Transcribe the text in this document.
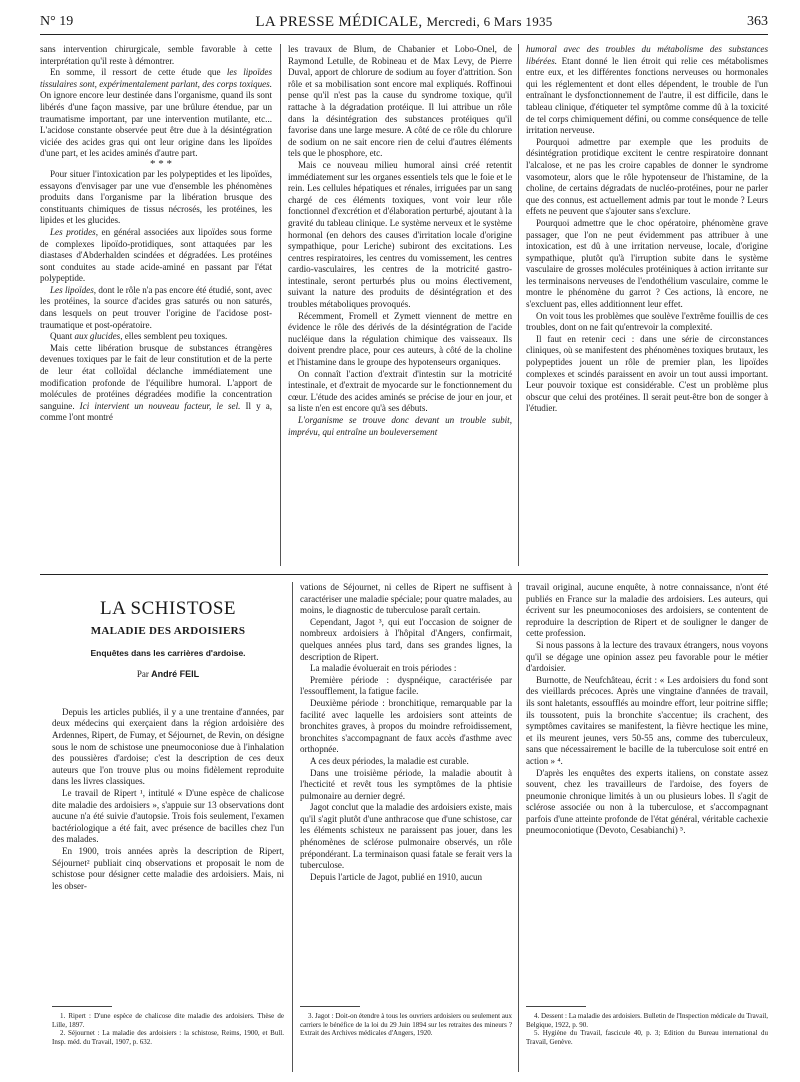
N° 19	LA PRESSE MÉDICALE, Mercredi, 6 Mars 1935	363

sans intervention chirurgicale, semble favorable à cette interprétation qu'il reste à démontrer.

En somme, il ressort de cette étude que les lipoïdes tissulaires sont, expérimentalement parlant, des corps toxiques. On ignore encore leur destinée dans l'organisme, quand ils sont libérés d'une façon massive, par une brûlure étendue, par un traumatisme important, par une intervention mutilante, etc... L'acidose constante observée peut être due à la désintégration viciée des acides gras qui ont leur origine dans les lipoïdes d'une part, et les acides aminés d'autre part.

* * *

Pour situer l'intoxication par les polypeptides et les lipoïdes, essayons d'envisager par une vue d'ensemble les phénomènes produits dans l'organisme par la libération brusque des constituants chimiques de tissus nécrosés, les protéines, les lipides et les glucides.

Les protides, en général associées aux lipoïdes sous forme de complexes lipoïdo-protidiques, sont attaquées par les diastases d'Abderhalden scindées et dégradées. Les protéines sont conduites au stade acide-aminé en passant par l'état polypeptide.

Les lipoïdes, dont le rôle n'a pas encore été étudié, sont, avec les protéines, la source d'acides gras saturés ou non saturés, dans lesquels on peut trouver l'origine de l'acidose post-traumatique et post-opératoire.

Quant aux glucides, elles semblent peu toxiques.

Mais cette libération brusque de substances étrangères devenues toxiques par le fait de leur constitution et de la perte de leur état colloïdal déclanche immédiatement une modification profonde de l'équilibre humoral. L'apport de molécules de protéines dégradées modifie la concentration sanguine. Ici intervient un nouveau facteur, le sel. Il y a, comme l'ont montré

les travaux de Blum, de Chabanier et Lobo-Onel, de Raymond Letulle, de Robineau et de Max Levy, de Pierre Duval, apport de chlorure de sodium au foyer d'attrition. Son rôle et sa mobilisation sont encore mal expliqués. Roffinoui pense qu'il n'est pas la cause du syndrome toxique, qu'il rattache à la dégradation protéique. Il lui attribue un rôle dans la désintégration des substances protéiques qu'il favorise dans une large mesure. A côté de ce rôle du chlorure de sodium on ne sait encore rien de celui d'autres éléments tels que le phosphore, etc.

Mais ce nouveau milieu humoral ainsi créé retentit immédiatement sur les organes essentiels tels que le foie et le rein. Les cellules hépatiques et rénales, irriguées par un sang chargé de ces éléments toxiques, vont voir leur rôle fonctionnel d'excrétion et d'élaboration perturbé, ajoutant à la gravité du tableau clinique. Le système nerveux et le système hormonal (en dehors des causes d'irritation locale d'origine sympathique, pour Leriche) subiront des excitations. Les centres respiratoires, les centres du vomissement, les centres cardio-vasculaires, les centres de la motricité gastro-intestinale, seront perturbés plus ou moins électivement, suivant la nature des produits de désintégration et des troubles métaboliques provoqués.

Récemment, Fromell et Zymett viennent de mettre en évidence le rôle des dérivés de la désintégration de l'acide nucléique dans la régulation chimique des vaisseaux. Ils doivent prendre place, pour ces auteurs, à côté de la choline et l'histamine dans le groupe des hypotenseurs organiques.

On connaît l'action d'extrait d'intestin sur la motricité intestinale, et d'extrait de myocarde sur le fonctionnement du cœur. L'étude des acides aminés se précise de jour en jour, et sa liste n'en est encore qu'à ses débuts.

L'organisme se trouve donc devant un trouble subit, imprévu, qui entraîne un bouleversement

humoral avec des troubles du métabolisme des substances libérées. Etant donné le lien étroit qui relie ces métabolismes entre eux, et les différentes fonctions nerveuses ou hormonales qui les réglementent et dont elles dépendent, le trouble de l'un entraînant le dysfonctionnement de l'autre, il est difficile, dans le tableau clinique, d'étiqueter tel symptôme comme dû à la toxicité de tel corps chimiquement défini, ou comme conséquence de telle irritation nerveuse.

Pourquoi admettre par exemple que les produits de désintégration protidique excitent le centre respiratoire donnant l'alcalose, et ne pas les croire capables de donner le syndrome vasomoteur, alors que le rôle hypotenseur de l'histamine, de la choline, de certains dégradats de nucléo-protéines, pour ne parler que des connus, est actuellement admis par tout le monde ? Leurs effets ne peuvent que s'ajouter sans s'exclure.

Pourquoi admettre que le choc opératoire, phénomène grave passager, que l'on ne peut évidemment pas attribuer à une intoxication, est dû à une irritation nerveuse, locale, d'origine sympathique, plutôt qu'à l'irruption subite dans le système vasculaire de grosses molécules protéiniques à action irritante sur les terminaisons nerveuses de l'endothélium vasculaire, comme le montre le phénomène du garrot ? Ces actions, là encore, ne s'excluent pas, elles additionnent leur effet.

On voit tous les problèmes que soulève l'extrême fouillis de ces troubles, dont on ne fait qu'entrevoir la complexité.

Il faut en retenir ceci : dans une série de circonstances cliniques, où se manifestent des phénomènes toxiques brutaux, les polypeptides jouent un rôle de premier plan, les lipoïdes complexes et scindés paraissent en avoir un tout aussi important. Leur pouvoir toxique est considérable. C'est un problème plus obscur que celui des protéines. Il serait peut-être bon de songer à l'étudier.

LA SCHISTOSE
MALADIE DES ARDOISIERS
Enquêtes dans les carrières d'ardoise.
Par André FEIL

Depuis les articles publiés, il y a une trentaine d'années, par deux médecins qui exerçaient dans la région ardoisière des Ardennes, Ripert, de Fumay, et Séjournet, de Revin, on désigne sous le nom de schistose une pneumoconiose due à l'inhalation des poussières d'ardoise; c'est la description de ces deux auteurs que l'on trouve plus ou moins fidèlement reproduite dans les livres classiques.

Le travail de Ripert ¹, intitulé « D'une espèce de chalicose dite maladie des ardoisiers », s'appuie sur 13 observations dont aucune n'a été suivie d'autopsie. Trois fois seulement, l'examen bactériologique a été fait, avec présence de bacilles chez l'un des malades.

En 1900, trois années après la description de Ripert, Séjournet² publiait cinq observations et proposait le nom de schistose pour désigner cette maladie des ardoisiers. Mais, ni les obser-

1. Ripert : D'une espèce de chalicose dite maladie des ardoisiers. Thèse de Lille, 1897.

2. Séjournet : La maladie des ardoisiers : la schistose, Reims, 1900, et Bull. Insp. méd. du Travail, 1907, p. 632.

vations de Séjournet, ni celles de Ripert ne suffisent à caractériser une maladie spéciale; pour quatre malades, au moins, le diagnostic de tuberculose paraît certain.

Cependant, Jagot ³, qui eut l'occasion de soigner de nombreux ardoisiers à l'hôpital d'Angers, confirmait, quelques années plus tard, dans ses grandes lignes, la description de Ripert.

La maladie évoluerait en trois périodes :

Première période : dyspnéique, caractérisée par l'essoufflement, la fatigue facile.

Deuxième période : bronchitique, remarquable par la facilité avec laquelle les ardoisiers sont atteints de bronchites graves, à propos du moindre refroidissement, bronchites s'accompagnant de faux accès d'asthme avec orthopnée.

A ces deux périodes, la maladie est curable.

Dans une troisième période, la maladie aboutit à l'hecticité et revêt tous les symptômes de la phtisie pulmonaire au dernier degré.

Jagot conclut que la maladie des ardoisiers existe, mais qu'il s'agit plutôt d'une anthracose que d'une schistose, car les éléments schisteux ne paraissent pas jouer, dans les phénomènes de sclérose pulmonaire observés, un rôle prépondérant. La terminaison quasi fatale se ferait vers la tuberculose.

Depuis l'article de Jagot, publié en 1910, aucun

3. Jagot : Doit-on étendre à tous les ouvriers ardoisiers ou seulement aux carriers le bénéfice de la loi du 29 Juin 1894 sur les retraites des mineurs ? Extrait des Archives médicales d'Angers, 1920.

travail original, aucune enquête, à notre connaissance, n'ont été publiés en France sur la maladie des ardoisiers. Les auteurs, qui écrivent sur les pneumoconioses des ardoisiers, se contentent de reproduire la description de Ripert et de souligner le danger de cette profession.

Si nous passons à la lecture des travaux étrangers, nous voyons qu'il se dégage une opinion assez peu favorable pour le métier d'ardoisier.

Burnotte, de Neufchâteau, écrit : « Les ardoisiers du fond sont des vieillards précoces. Après une vingtaine d'années de travail, ils sont haletants, essoufflés au moindre effort, leur poitrine siffle; ils toussotent, puis la bronchite s'accentue; ils crachent, des symptômes cavitaires se manifestent, la fièvre hectique les mine, et ils meurent jeunes, vers 50-55 ans, comme des tuberculeux, sans que nécessairement le bacille de la tuberculose soit entré en action » ⁴.

D'après les enquêtes des experts italiens, on constate assez souvent, chez les travailleurs de l'ardoise, des foyers de pneumonie chronique limités à un ou plusieurs lobes. Il s'agit de sclérose associée ou non à la tuberculose, et s'accompagnant parfois d'une atteinte profonde de l'état général, véritable cachexie pneumoconiotique (Devoto, Cesabianchi) ⁵.

4. Dessent : La maladie des ardoisiers. Bulletin de l'Inspection médicale du Travail, Belgique, 1922, p. 90.

5. Hygiène du Travail, fascicule 40, p. 3; Edition du Bureau international du Travail, Genève.
